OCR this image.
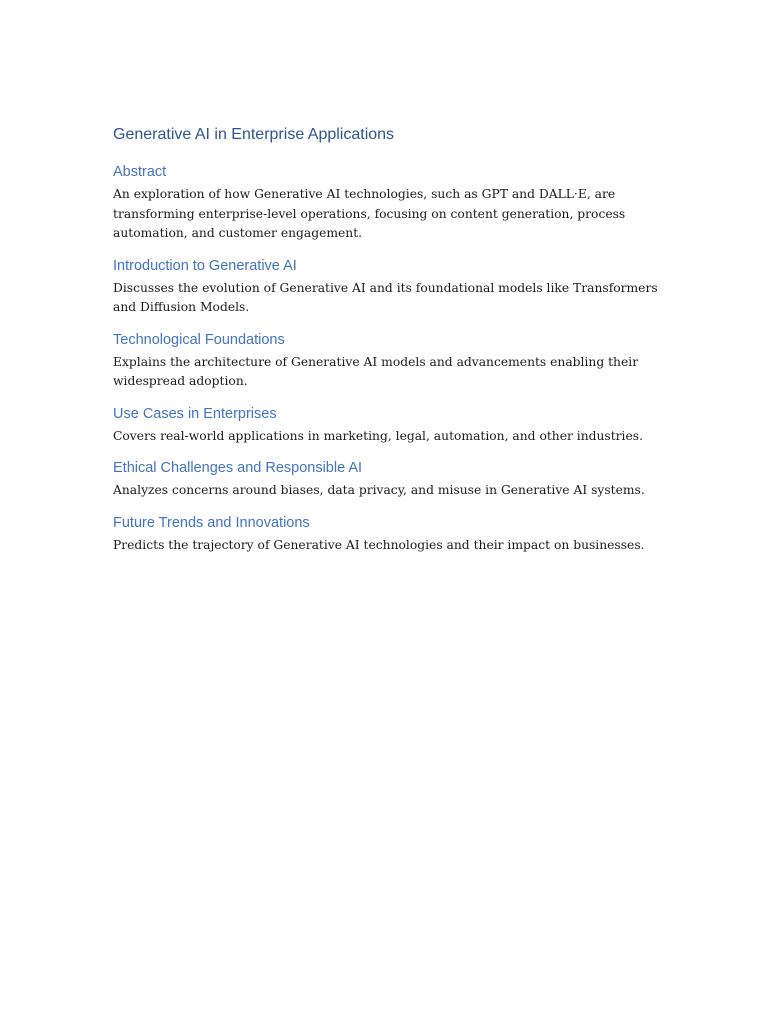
Generative AI in Enterprise Applications
Abstract

An exploration of how Generative AI technologies, such as GPT and DALL·E, are transforming enterprise-level operations, focusing on content generation, process automation, and customer engagement.

Introduction to Generative AI

Discusses the evolution of Generative AI and its foundational models like Transformers and Diffusion Models.

Technological Foundations

Explains the architecture of Generative AI models and advancements enabling their widespread adoption.

Use Cases in Enterprises

Covers real-world applications in marketing, legal, automation, and other industries.

Ethical Challenges and Responsible AI

Analyzes concerns around biases, data privacy, and misuse in Generative AI systems.

Future Trends and Innovations

Predicts the trajectory of Generative AI technologies and their impact on businesses.
